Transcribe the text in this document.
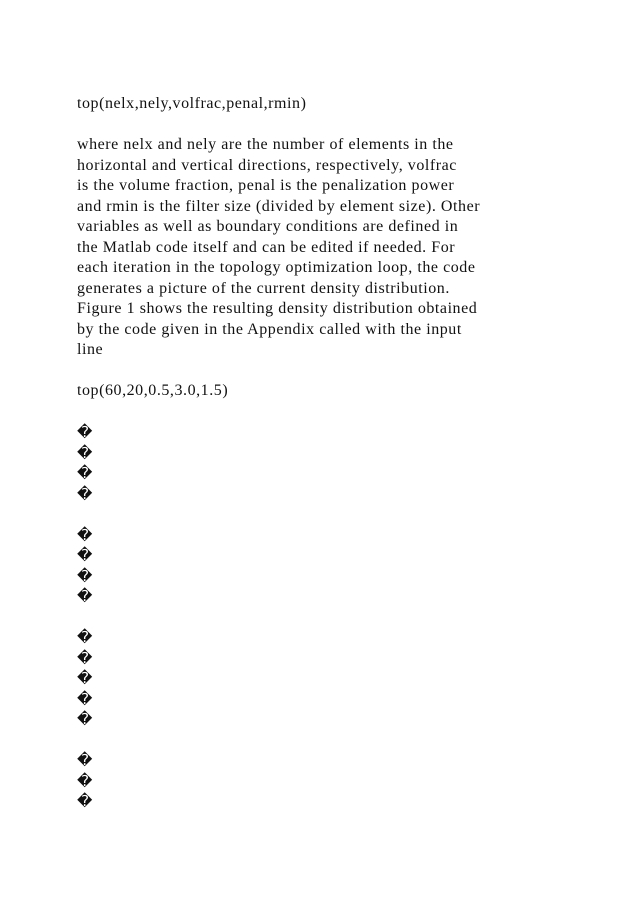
top(nelx,nely,volfrac,penal,rmin)
where nelx and nely are the number of elements in the
horizontal and vertical directions, respectively, volfrac
is the volume fraction, penal is the penalization power
and rmin is the filter size (divided by element size). Other
variables as well as boundary conditions are defined in
the Matlab code itself and can be edited if needed. For
each iteration in the topology optimization loop, the code
generates a picture of the current density distribution.
Figure 1 shows the resulting density distribution obtained
by the code given in the Appendix called with the input
line
top(60,20,0.5,3.0,1.5)
�
�
�
�
�
�
�
�
�
�
�
�
�
�
�
�
